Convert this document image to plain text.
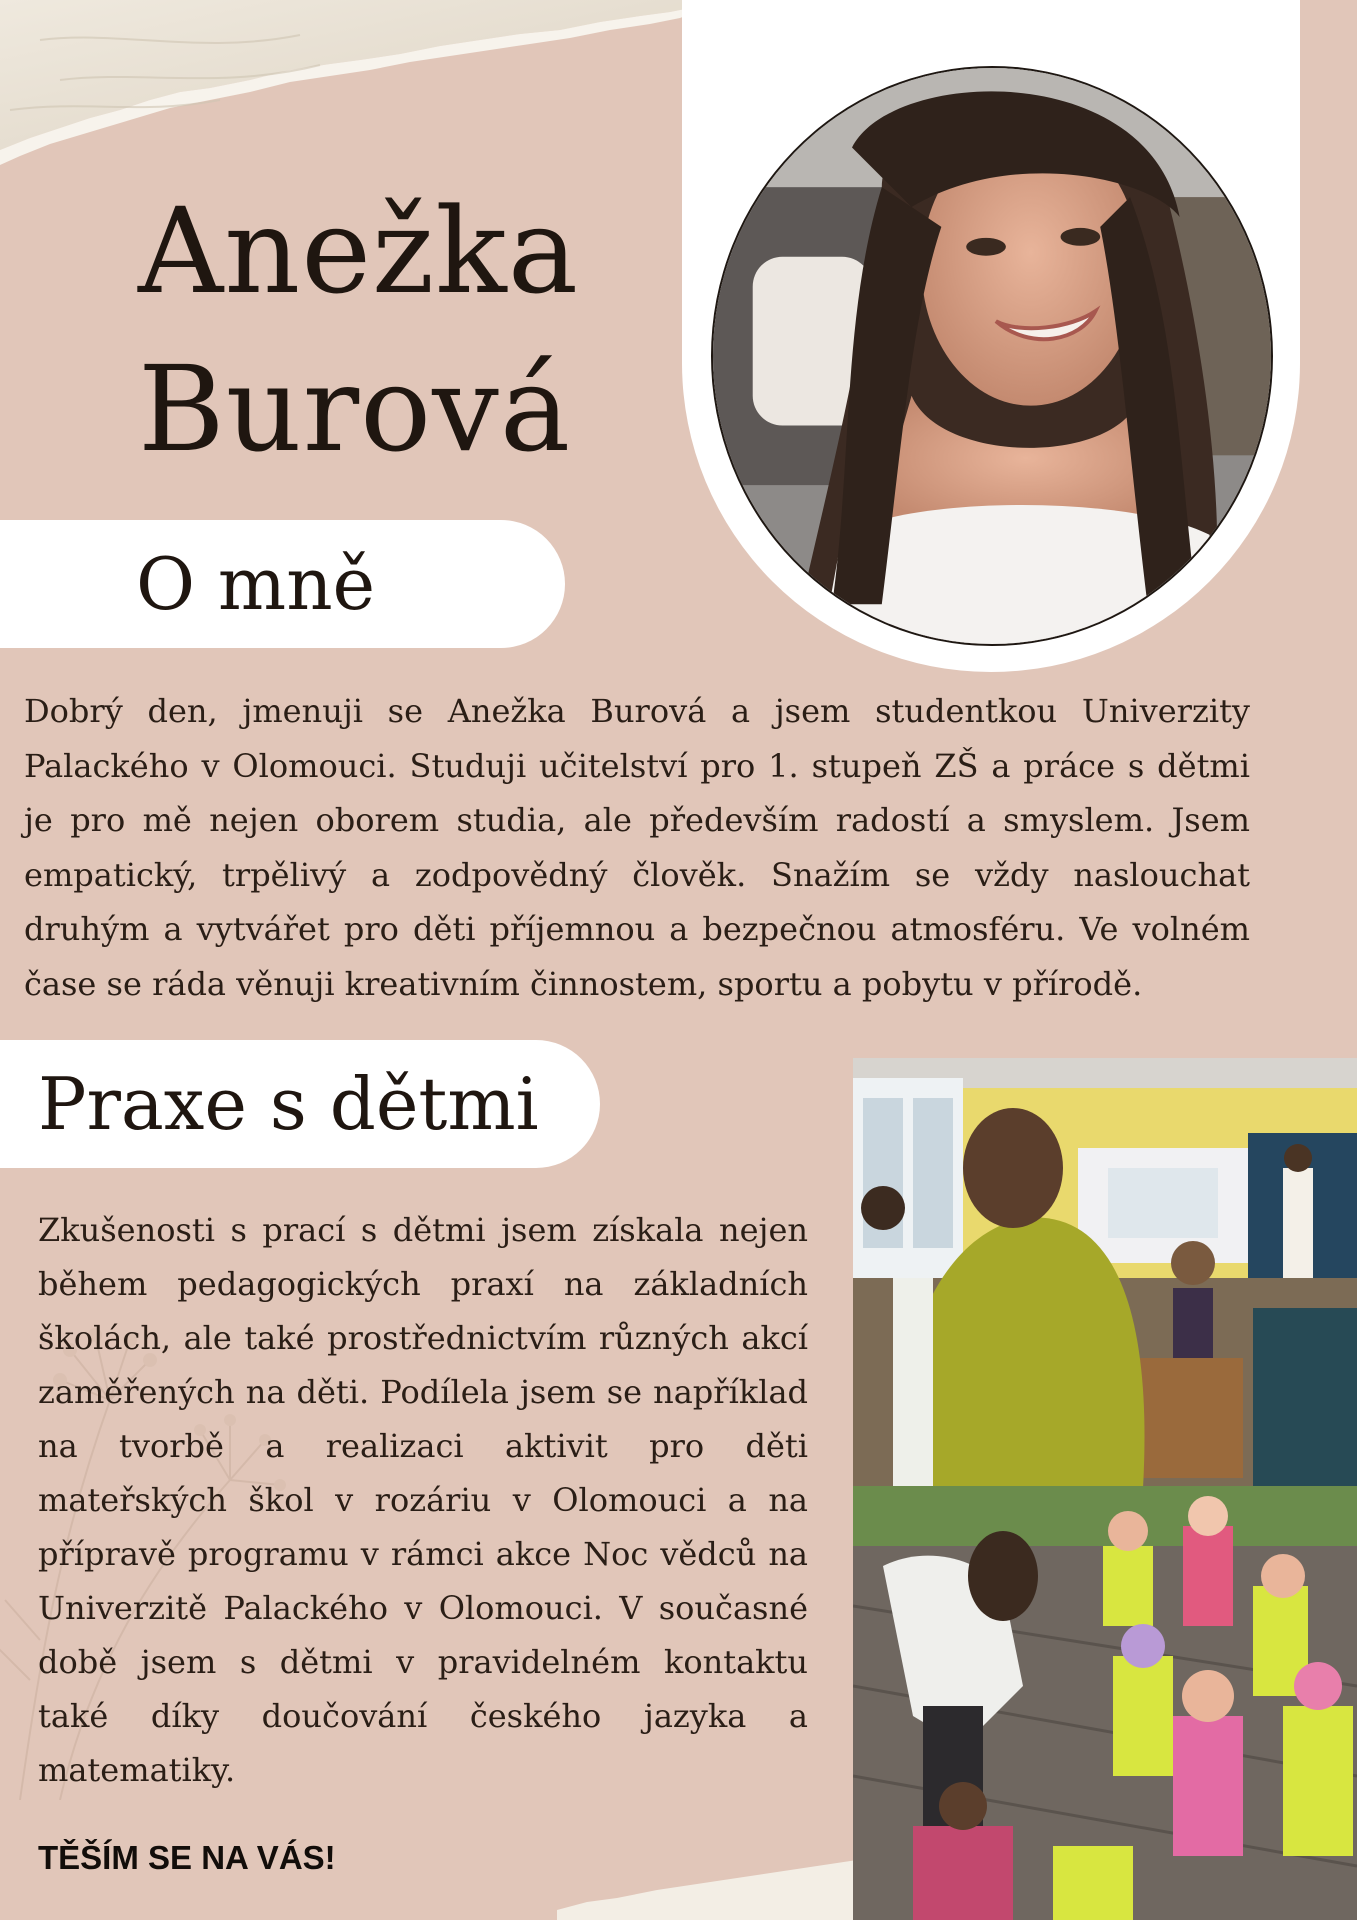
Anežka
Burová
O mně

Dobrý den, jmenuji se Anežka Burová a jsem studentkou Univerzity Palackého v Olomouci. Studuji učitelství pro 1. stupeň ZŠ a práce s dětmi je pro mě nejen oborem studia, ale především radostí a smyslem. Jsem empatický, trpělivý a zodpovědný člověk. Snažím se vždy naslouchat druhým a vytvářet pro děti příjemnou a bezpečnou atmosféru. Ve volném čase se ráda věnuji kreativním činnostem, sportu a pobytu v přírodě.

Praxe s dětmi

Zkušenosti s prací s dětmi jsem získala nejen během pedagogických praxí na základních školách, ale také prostřednictvím různých akcí zaměřených na děti. Podílela jsem se například na tvorbě a realizaci aktivit pro děti mateřských škol v rozáriu v Olomouci a na přípravě programu v rámci akce Noc vědců na Univerzitě Palackého v Olomouci. V současné době jsem s dětmi v pravidelném kontaktu také díky doučování českého jazyka a matematiky.

TĚŠÍM SE NA VÁS!
